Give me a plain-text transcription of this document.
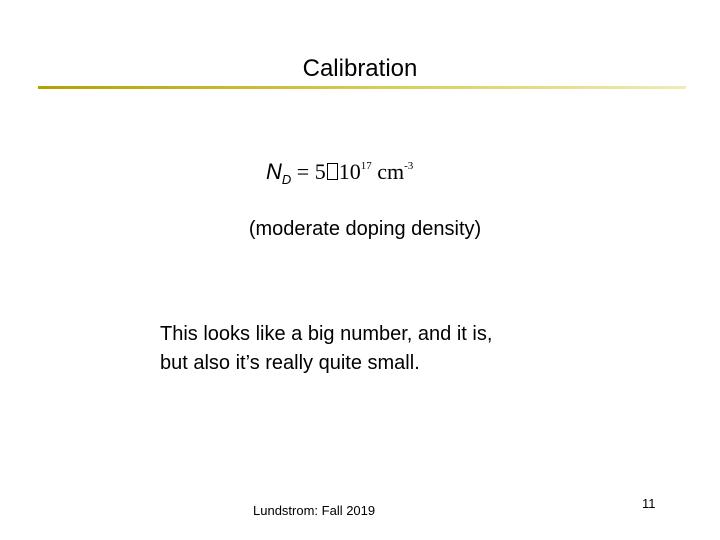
Calibration
$N_D = 5$ $10^{17}$ $cm^{-3}$
(moderate doping density)
This looks like a big number, and it is,
but also it’s really quite small.
Lundstrom: Fall 2019	11
